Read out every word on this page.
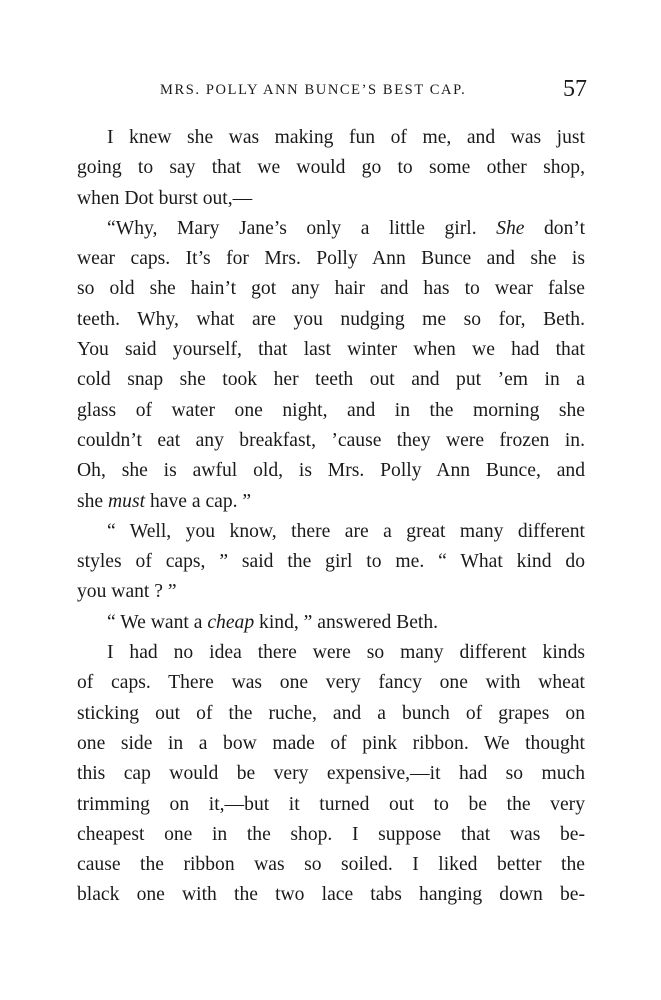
MRS. POLLY ANN BUNCE’S BEST CAP.	57
I knew she was making fun of me, and was just
going to say that we would go to some other shop,
when Dot burst out,—
“Why, Mary Jane’s only a little girl. She don’t
wear caps. It’s for Mrs. Polly Ann Bunce and she is
so old she hain’t got any hair and has to wear false
teeth. Why, what are you nudging me so for, Beth.
You said yourself, that last winter when we had that
cold snap she took her teeth out and put ’em in a
glass of water one night, and in the morning she
couldn’t eat any breakfast, ’cause they were frozen in.
Oh, she is awful old, is Mrs. Polly Ann Bunce, and
she must have a cap. ”
“ Well, you know, there are a great many different
styles of caps, ” said the girl to me. “ What kind do
you want ? ”
“ We want a cheap kind, ” answered Beth.
I had no idea there were so many different kinds
of caps. There was one very fancy one with wheat
sticking out of the ruche, and a bunch of grapes on
one side in a bow made of pink ribbon. We thought
this cap would be very expensive,—it had so much
trimming on it,—but it turned out to be the very
cheapest one in the shop. I suppose that was be-
cause the ribbon was so soiled. I liked better the
black one with the two lace tabs hanging down be-
